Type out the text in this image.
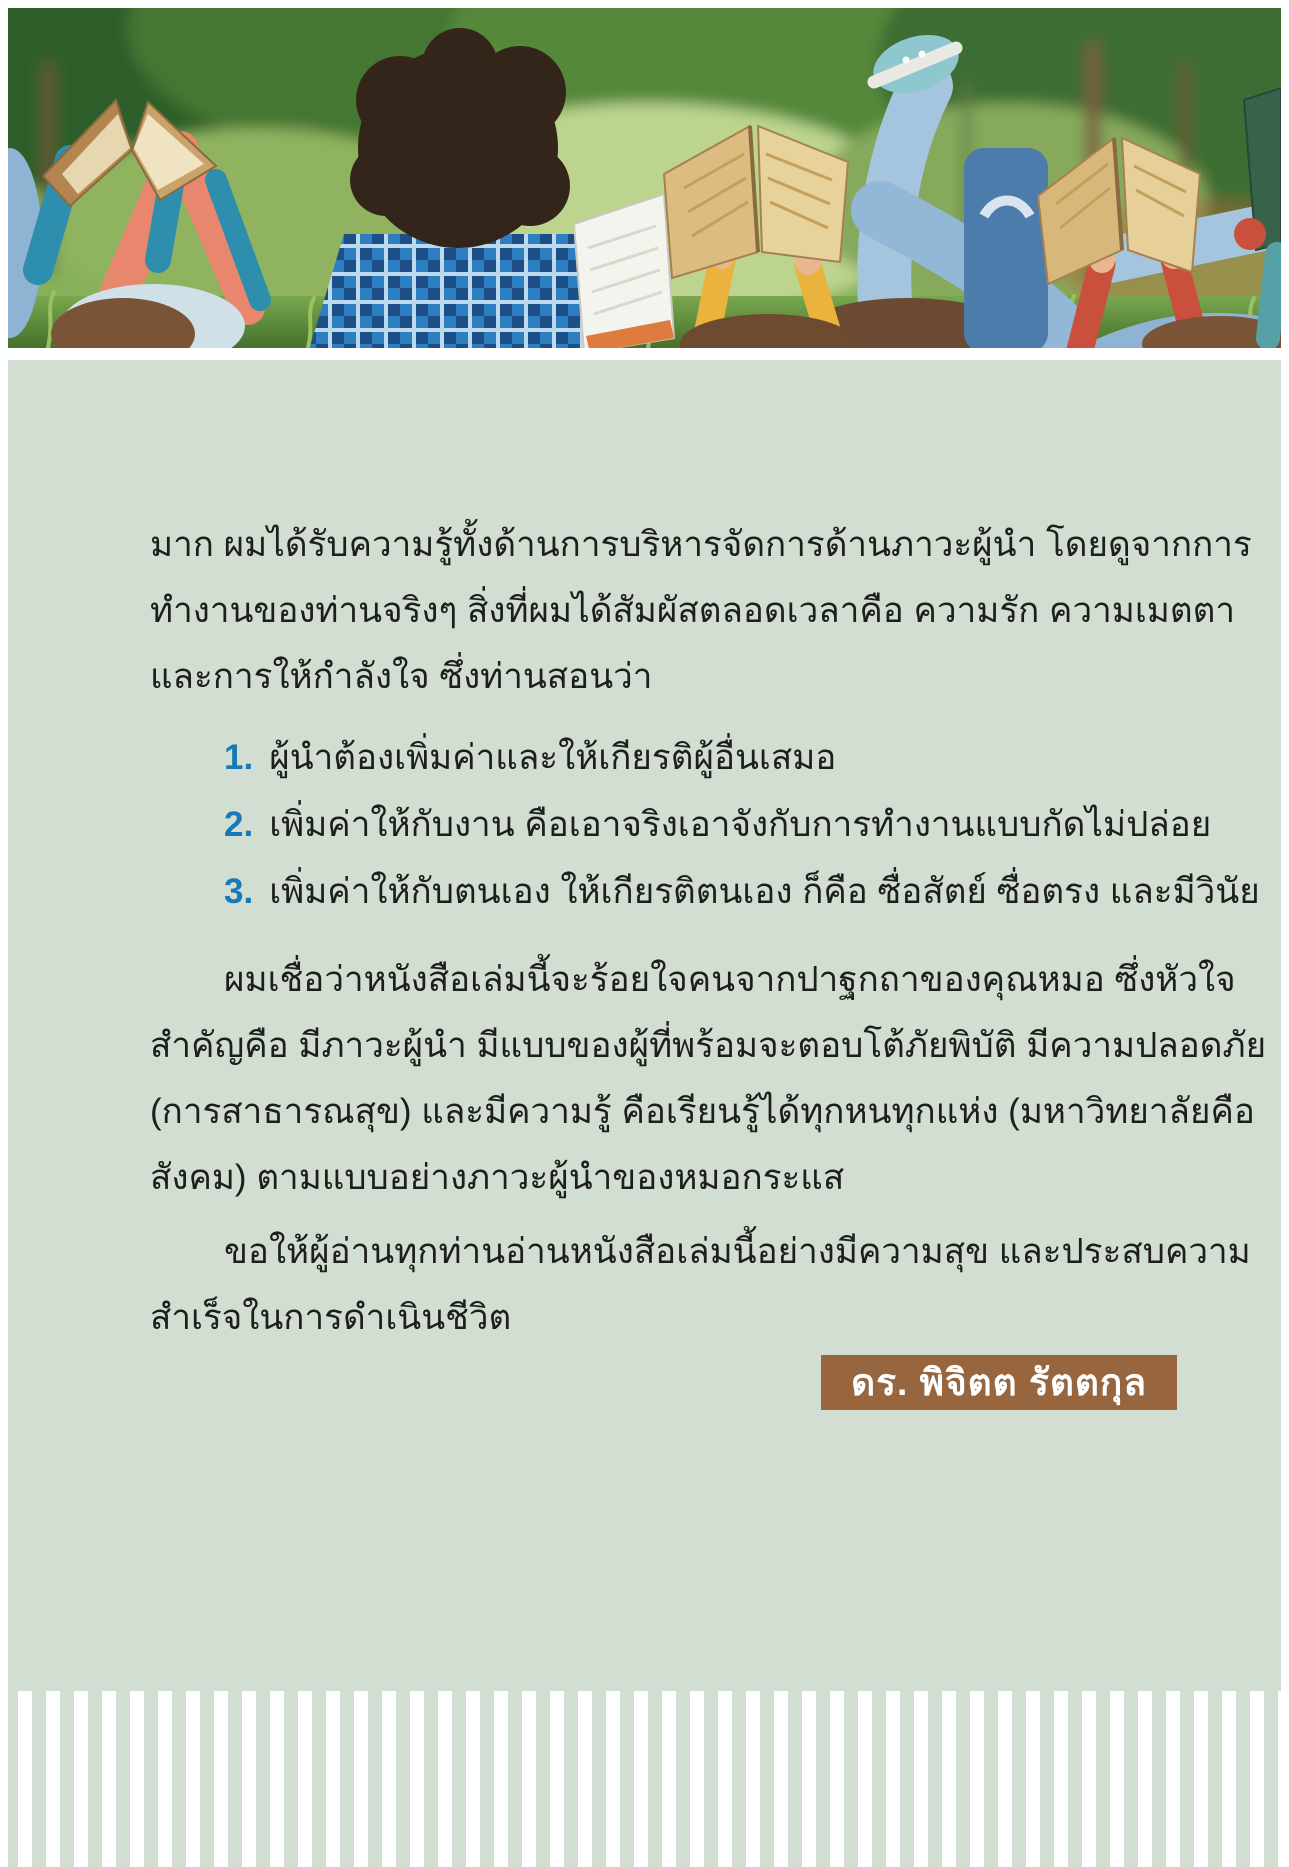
มาก ผมได้รับความรู้ทั้งด้านการบริหารจัดการด้านภาวะผู้นำ โดยดูจากการ
ทำงานของท่านจริงๆ สิ่งที่ผมได้สัมผัสตลอดเวลาคือ ความรัก ความเมตตา
และการให้กำลังใจ ซึ่งท่านสอนว่า
1. ผู้นำต้องเพิ่มค่าและให้เกียรติผู้อื่นเสมอ
2. เพิ่มค่าให้กับงาน คือเอาจริงเอาจังกับการทำงานแบบกัดไม่ปล่อย
3. เพิ่มค่าให้กับตนเอง ให้เกียรติตนเอง ก็คือ ซื่อสัตย์ ซื่อตรง และมีวินัย
ผมเชื่อว่าหนังสือเล่มนี้จะร้อยใจคนจากปาฐกถาของคุณหมอ ซึ่งหัวใจ
สำคัญคือ มีภาวะผู้นำ มีแบบของผู้ที่พร้อมจะตอบโต้ภัยพิบัติ มีความปลอดภัย
(การสาธารณสุข) และมีความรู้ คือเรียนรู้ได้ทุกหนทุกแห่ง (มหาวิทยาลัยคือ
สังคม) ตามแบบอย่างภาวะผู้นำของหมอกระแส
ขอให้ผู้อ่านทุกท่านอ่านหนังสือเล่มนี้อย่างมีความสุข และประสบความ
สำเร็จในการดำเนินชีวิต
ดร. พิจิตต รัตตกุล
